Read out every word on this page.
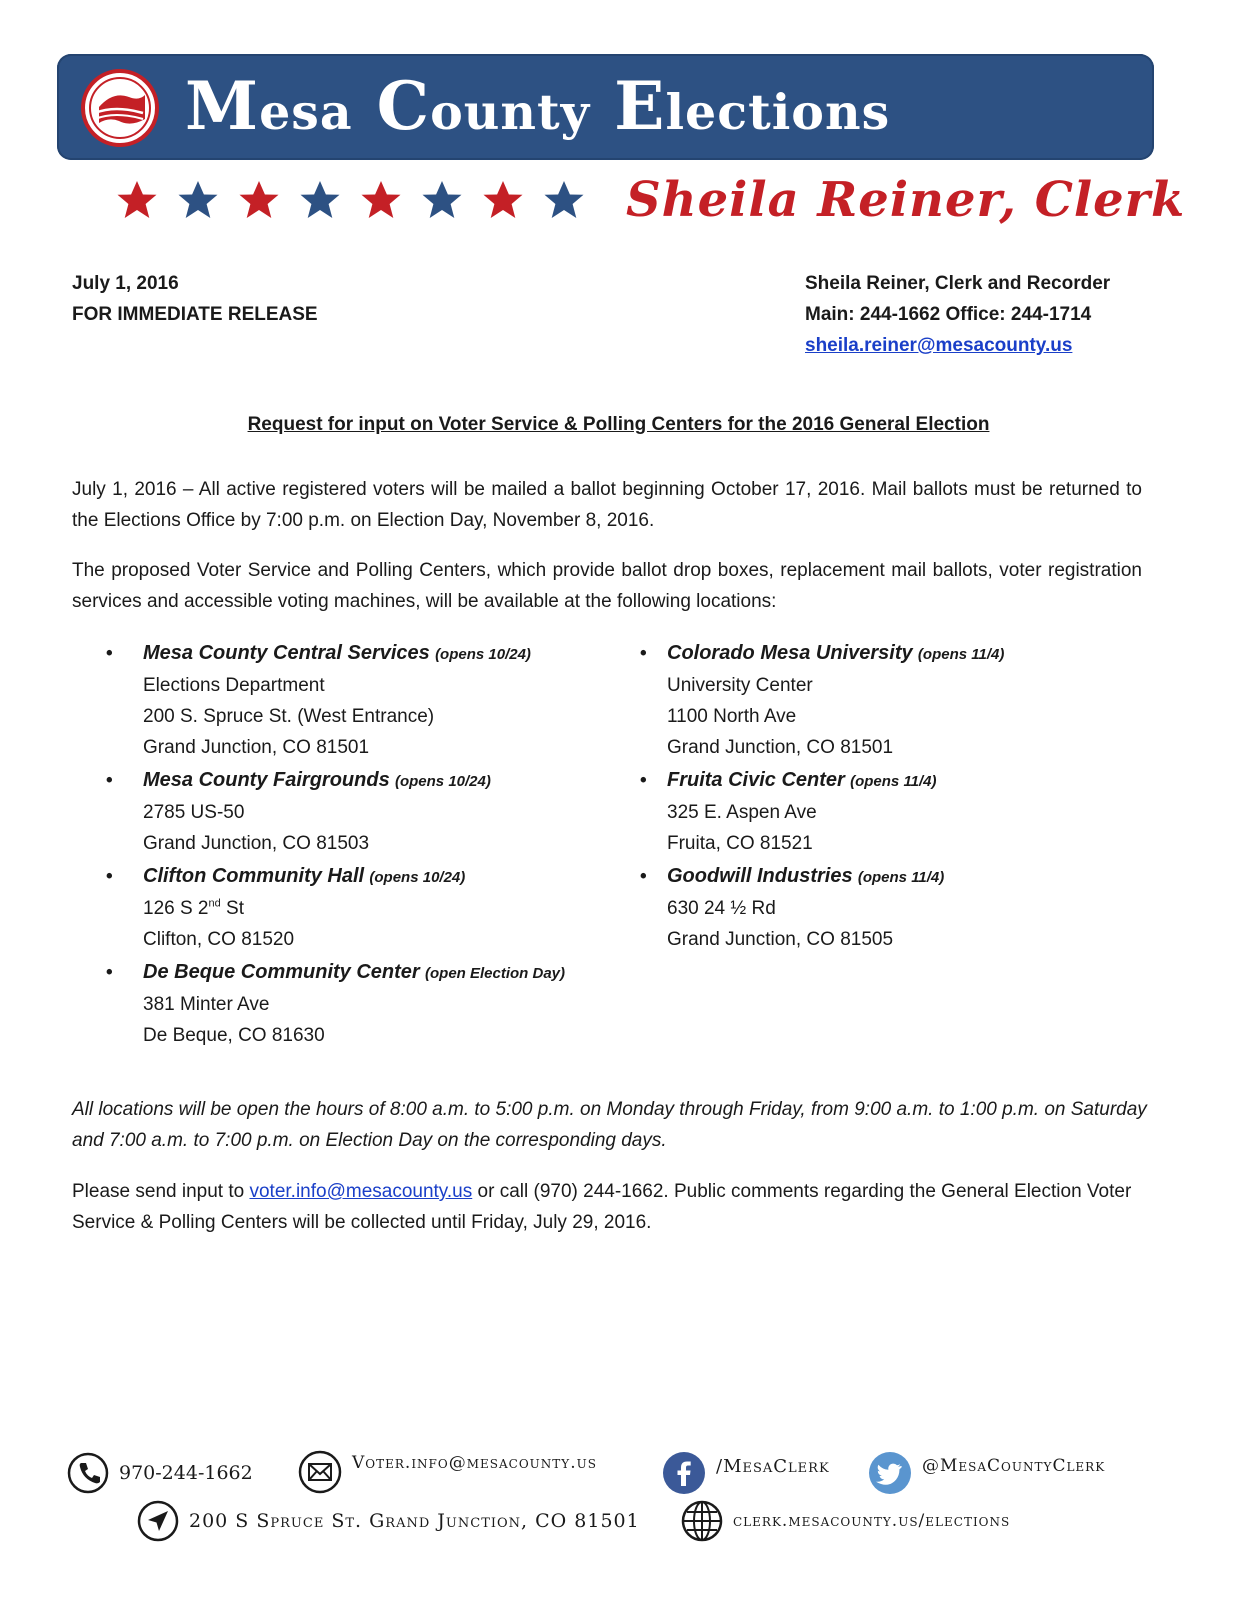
Mesa County Elections
Sheila Reiner, Clerk
July 1, 2016
FOR IMMEDIATE RELEASE
Sheila Reiner, Clerk and Recorder
Main: 244-1662 Office: 244-1714
sheila.reiner@mesacounty.us
Request for input on Voter Service & Polling Centers for the 2016 General Election
July 1, 2016 – All active registered voters will be mailed a ballot beginning October 17, 2016. Mail ballots must be returned to the Elections Office by 7:00 p.m. on Election Day, November 8, 2016.
The proposed Voter Service and Polling Centers, which provide ballot drop boxes, replacement mail ballots, voter registration services and accessible voting machines, will be available at the following locations:
• Mesa County Central Services (opens 10/24)
Elections Department
200 S. Spruce St. (West Entrance)
Grand Junction, CO 81501
• Mesa County Fairgrounds (opens 10/24)
2785 US-50
Grand Junction, CO 81503
• Clifton Community Hall (opens 10/24)
126 S 2nd St
Clifton, CO 81520
• De Beque Community Center (open Election Day)
381 Minter Ave
De Beque, CO 81630
• Colorado Mesa University (opens 11/4)
University Center
1100 North Ave
Grand Junction, CO 81501
• Fruita Civic Center (opens 11/4)
325 E. Aspen Ave
Fruita, CO 81521
• Goodwill Industries (opens 11/4)
630 24 ½ Rd
Grand Junction, CO 81505
All locations will be open the hours of 8:00 a.m. to 5:00 p.m. on Monday through Friday, from 9:00 a.m. to 1:00 p.m. on Saturday and 7:00 a.m. to 7:00 p.m. on Election Day on the corresponding days.
Please send input to voter.info@mesacounty.us or call (970) 244-1662. Public comments regarding the General Election Voter Service & Polling Centers will be collected until Friday, July 29, 2016.
970-244-1662	Voter.info@mesacounty.us	/MesaClerk	@MesaCountyClerk
200 S Spruce St. Grand Junction, CO 81501	clerk.mesacounty.us/elections
